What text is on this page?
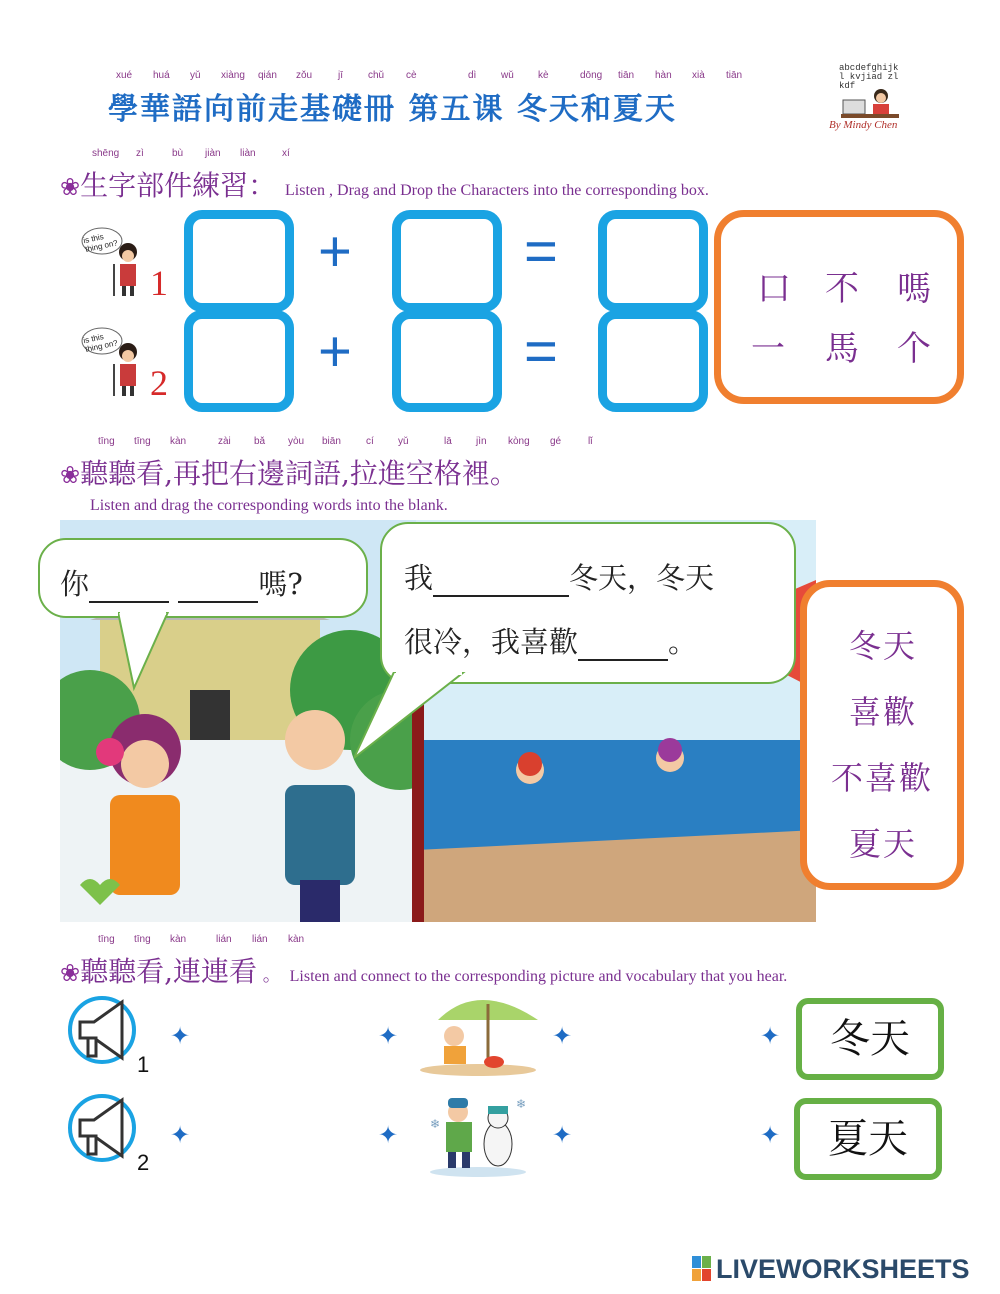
xué huá yǔ xiàng qián zǒu	jī	chǔ cè	dì wǔ kè	dōng tiān hàn xià tiān
學華語向前走基礎冊 第五课 冬天和夏天
abcdefghijkl kvjiad zlkdf
By Mindy Chen
shēng zì	bù jiàn liàn	xí
❀生字部件練習： Listen , Drag and Drop the Characters into the corresponding box.
is this thing on?
1	+	=
is this thing on?
2	+	=
口 不 嗎
一 馬 个
tīng tīng kàn	zài bǎ yòu biān	cí yǔ	lā jìn kòng gé	lǐ
❀聽聽看,再把右邊詞語,拉進空格裡。
Listen and drag the corresponding words into the blank.
你	嗎?	我	冬天，冬天
很冷，我喜歡	。	冬天
喜歡
不喜歡
夏天
tīng tīng kàn	lián lián kàn
❀聽聽看,連連看 。 Listen and connect to the corresponding picture and vocabulary that you hear.
1
✦	✦	✦	✦	冬天
2
✦	✦
❄
❄	✦	✦	夏天
LIVEWORKSHEETS
